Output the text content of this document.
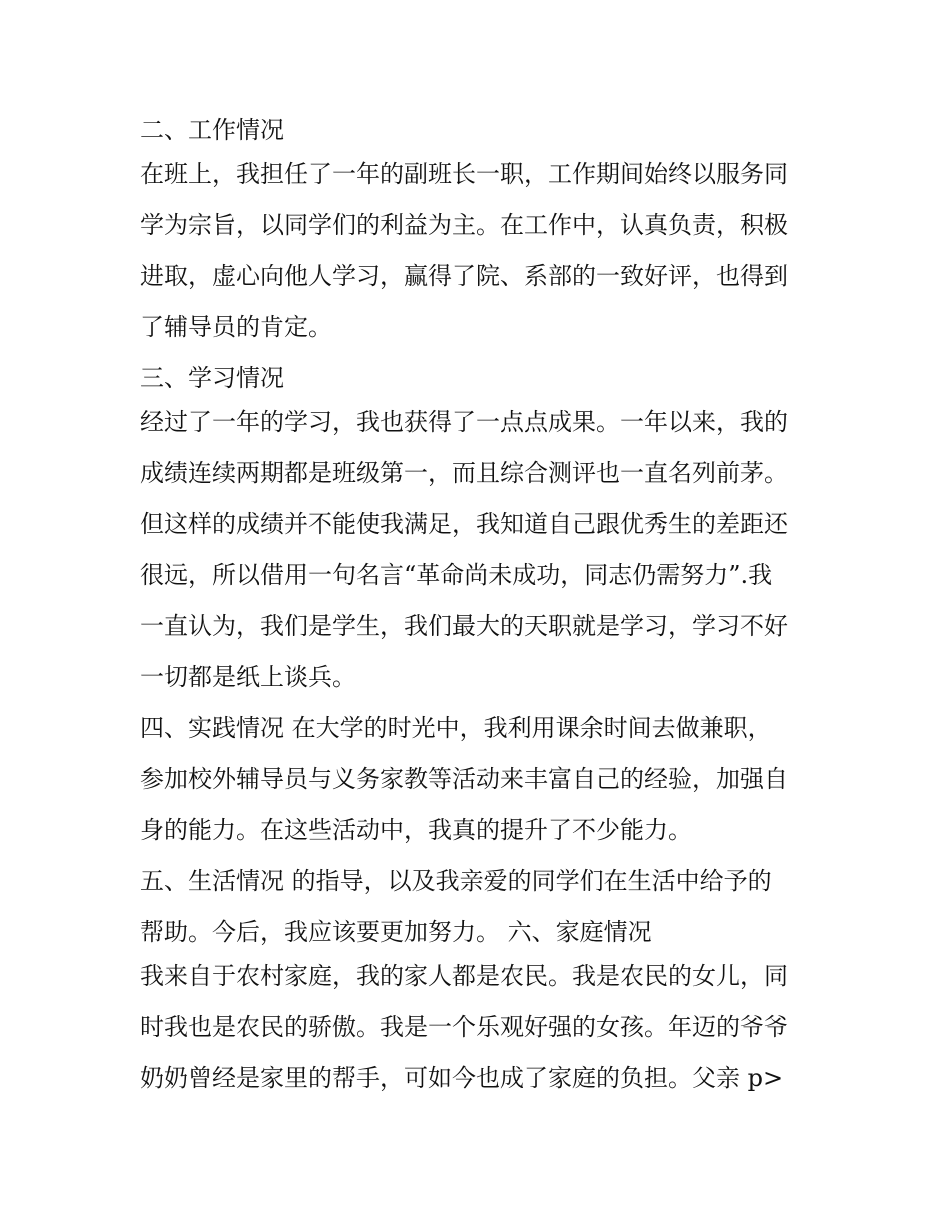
二、工作情况
在班上，我担任了一年的副班长一职，工作期间始终以服务同
学为宗旨，以同学们的利益为主。在工作中，认真负责，积极
进取，虚心向他人学习，赢得了院、系部的一致好评，也得到
了辅导员的肯定。
三、学习情况
经过了一年的学习，我也获得了一点点成果。一年以来，我的
成绩连续两期都是班级第一，而且综合测评也一直名列前茅。
但这样的成绩并不能使我满足，我知道自己跟优秀生的差距还
很远，所以借用一句名言“革命尚未成功，同志仍需努力”.我
一直认为，我们是学生，我们最大的天职就是学习，学习不好
一切都是纸上谈兵。
四、实践情况 在大学的时光中，我利用课余时间去做兼职，
参加校外辅导员与义务家教等活动来丰富自己的经验，加强自
身的能力。在这些活动中，我真的提升了不少能力。
五、生活情况 的指导，以及我亲爱的同学们在生活中给予的
帮助。今后，我应该要更加努力。 六、家庭情况
我来自于农村家庭，我的家人都是农民。我是农民的女儿，同
时我也是农民的骄傲。我是一个乐观好强的女孩。年迈的爷爷
奶奶曾经是家里的帮手，可如今也成了家庭的负担。父亲 p>
